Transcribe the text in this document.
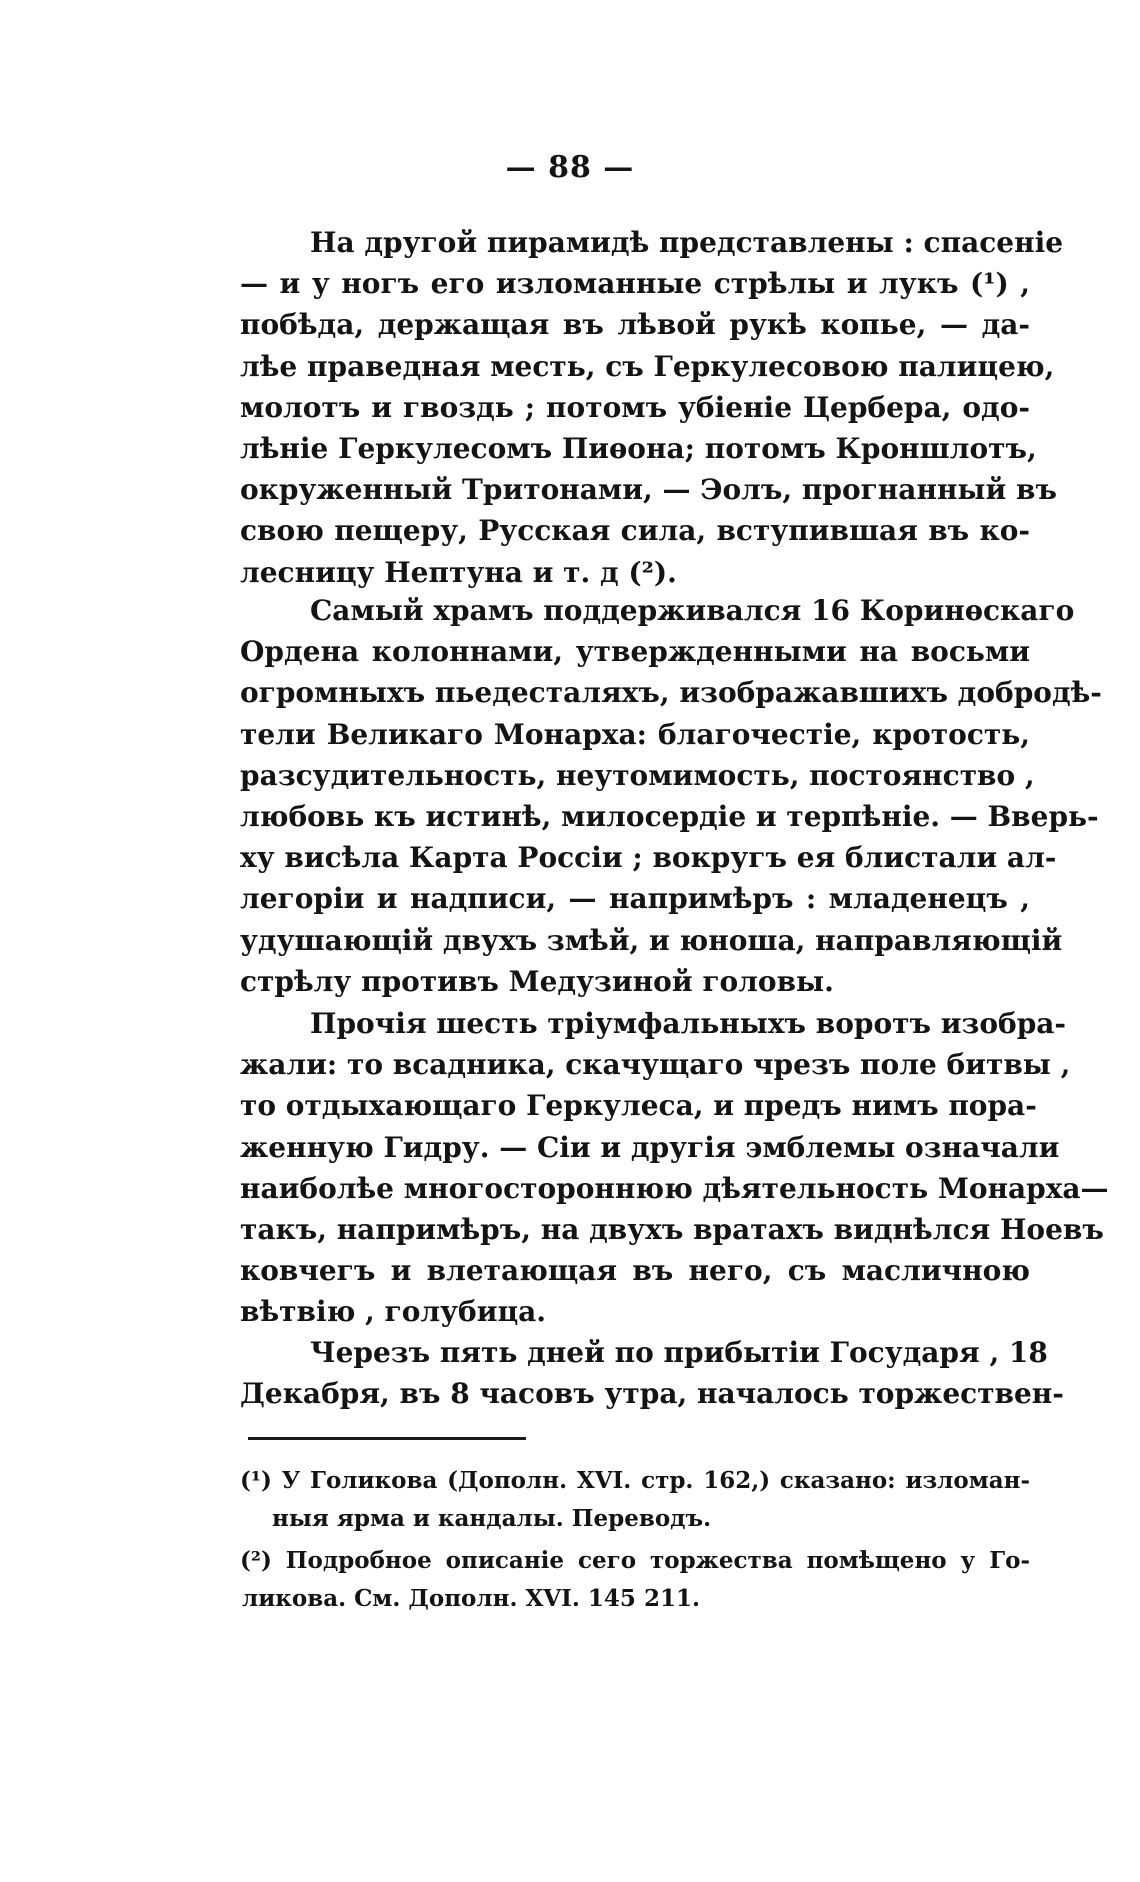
— 88 —
На другой пирамидѣ представлены : спасеніе
— и у ногъ его изломанные стрѣлы и лукъ (¹) ,
побѣда, держащая въ лѣвой рукѣ копье, — да-
лѣе праведная месть, съ Геркулесовою палицею,
молотъ и гвоздь ; потомъ убіеніе Цербера, одо-
лѣніе Геркулесомъ Пиѳона; потомъ Кроншлотъ,
окруженный Тритонами, — Эолъ, прогнанный въ
свою пещеру, Русская сила, вступившая въ ко-
лесницу Нептуна и т. д (²).
Самый храмъ поддерживался 16 Коринѳскаго
Ордена колоннами, утвержденными на восьми
огромныхъ пьедесталяхъ, изображавшихъ добродѣ-
тели Великаго Монарха: благочестіе, кротость,
разсудительность, неутомимость, постоянство ,
любовь къ истинѣ, милосердіе и терпѣніе. — Вверь-
ху висѣла Карта Россіи ; вокругъ ея блистали ал-
легоріи и надписи, — напримѣръ : младенецъ ,
удушающій двухъ змѣй, и юноша, направляющій
стрѣлу противъ Медузиной головы.
Прочія шесть тріумфальныхъ воротъ изобра-
жали: то всадника, скачущаго чрезъ поле битвы ,
то отдыхающаго Геркулеса, и предъ нимъ пора-
женную Гидру. — Сіи и другія эмблемы означали
наиболѣе многостороннюю дѣятельность Монарха—
такъ, напримѣръ, на двухъ вратахъ виднѣлся Ноевъ
ковчегъ и влетающая въ него, съ масличною
вѣтвію , голубица.
Черезъ пять дней по прибытіи Государя , 18
Декабря, въ 8 часовъ утра, началось торжествен-
(¹) У Голикова (Дополн. XVI. стр. 162,) сказано: изломан-
ныя ярма и кандалы. Переводъ.
(²) Подробное описаніе сего торжества помѣщено у Го-
ликова. См. Дополн. XVI. 145 211.
